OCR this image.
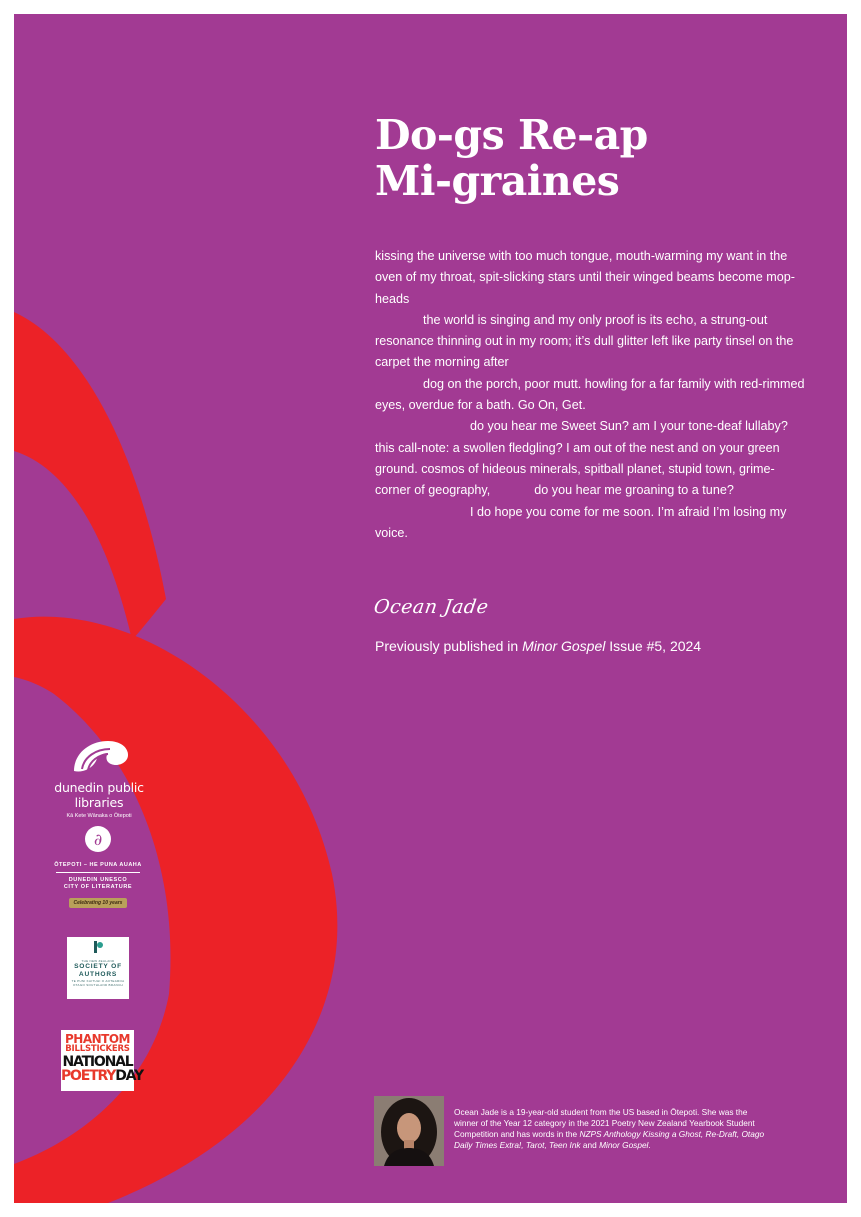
Do-gs Re-ap
Mi-graines

kissing the universe with too much tongue, mouth-warming my want in the oven of my throat, spit-slicking stars until their winged beams become mop-heads

the world is singing and my only proof is its echo, a strung-out resonance thinning out in my room; it’s dull glitter left like party tinsel on the carpet the morning after

dog on the porch, poor mutt. howling for a far family with red-rimmed eyes, overdue for a bath. Go On, Get.

do you hear me Sweet Sun? am I your tone-deaf lullaby? this call-note: a swollen fledgling? I am out of the nest and on your green ground. cosmos of hideous minerals, spitball planet, stupid town, grime-corner of geography,	do you hear me groaning to a tune?

I do hope you come for me soon. I’m afraid I’m losing my voice.

Ocean Jade
Previously published in Minor Gospel Issue #5, 2024
dunedin public libraries
Kā Kete Wānaka o Ōtepoti
∂
ŌTEPOTI – HE PUNA AUAHA
DUNEDIN UNESCO
CITY OF LITERATURE
Celebrating 10 years
THE NEW ZEALAND
SOCIETY OF
AUTHORS
TE PUNI KAITUHI O AOTEAROA
OTAGO SOUTHLAND BRANCH
PHANTOM
BILLSTICKERS
NATIONAL
POETRYDAY
Ocean Jade is a 19-year-old student from the US based in Ōtepoti. She was the winner of the Year 12 category in the 2021 Poetry New Zealand Yearbook Student Competition and has words in the NZPS Anthology Kissing a Ghost, Re-Draft, Otago Daily Times Extra!, Tarot, Teen Ink and Minor Gospel.
